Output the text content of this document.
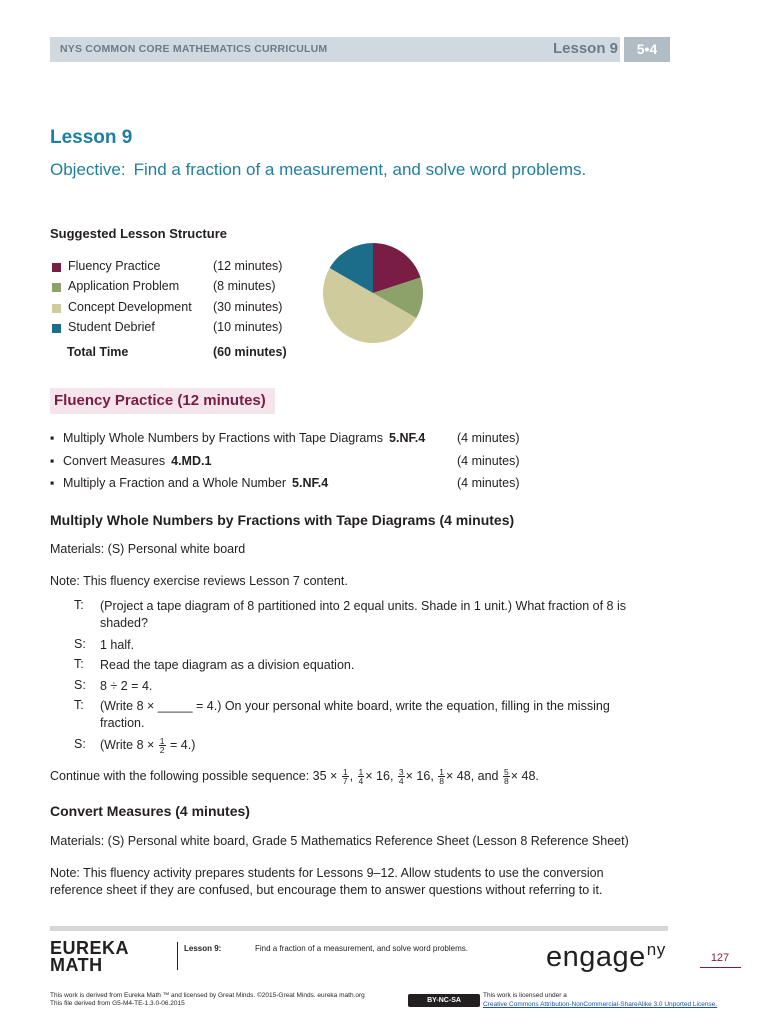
NYS COMMON CORE MATHEMATICS CURRICULUM	Lesson 9	5•4
Lesson 9
Objective: Find a fraction of a measurement, and solve word problems.
Suggested Lesson Structure
Fluency Practice	(12 minutes)
Application Problem	(8 minutes)
Concept Development (30 minutes)
Student Debrief	(10 minutes)
Total Time	(60 minutes)
Fluency Practice (12 minutes)
▪ Multiply Whole Numbers by Fractions with Tape Diagrams 5.NF.4	(4 minutes)
▪ Convert Measures 4.MD.1	(4 minutes)
▪ Multiply a Fraction and a Whole Number 5.NF.4	(4 minutes)
Multiply Whole Numbers by Fractions with Tape Diagrams (4 minutes)
Materials: (S) Personal white board
Note: This fluency exercise reviews Lesson 7 content.
T: (Project a tape diagram of 8 partitioned into 2 equal units. Shade in 1 unit.) What fraction of 8 is shaded?
S: 1 half.
T: Read the tape diagram as a division equation.
S: 8 ÷ 2 = 4.
T: (Write 8 × _____ = 4.) On your personal white board, write the equation, filling in the missing fraction.
S: (Write $8 \times \frac{1}{2} = 4$.)
Continue with the following possible sequence: $35 \times \frac{1}{7}$ , $\frac{1}{4} \times 16$, $\frac{3}{4} \times 16$, $\frac{1}{8} \times 48$, and $\frac{5}{8} \times 48$.
Convert Measures (4 minutes)
Materials: (S) Personal white board, Grade 5 Mathematics Reference Sheet (Lesson 8 Reference Sheet)
Note: This fluency activity prepares students for Lessons 9–12. Allow students to use the conversion
reference sheet if they are confused, but encourage them to answer questions without referring to it.
EUREKA
MATH
Lesson 9:	Find a fraction of a measurement, and solve word problems.	engage$^{ny}$	127
This work is derived from Eureka Math ™ and licensed by Great Minds. ©2015-Great Minds. eureka math.org
This file derived from G5-M4-TE-1.3.0-06.2015	BY-NC-SA
This work is licensed under a
Creative Commons Attribution-NonCommercial-ShareAlike 3.0 Unported License.
